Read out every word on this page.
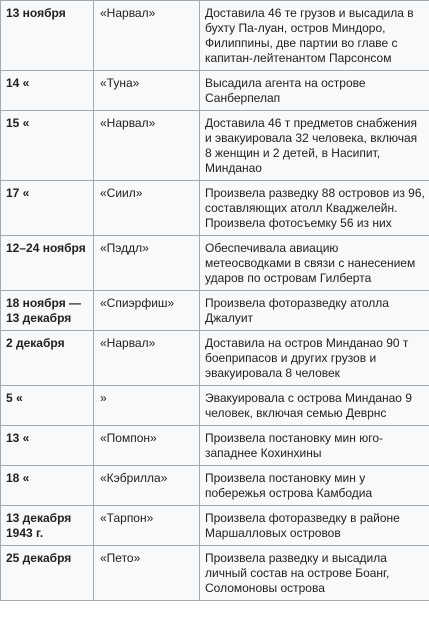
13 ноября	«Нарвал»	Доставила 46 те грузов и высадила в бухту Па-луан, остров Миндоро, Филиппины, две партии во главе с капитан-лейтенантом Парсонсом
14 «	«Туна»	Высадила агента на острове Санберпелап
15 «	«Нарвал»	Доставила 46 т предметов снабжения и эвакуировала 32 человека, включая 8 женщин и 2 детей, в Насипит, Минданао
17 «	«Сиил»	Произвела разведку 88 островов из 96, составляющих атолл Кваджелейн. Произвела фотосъемку 56 из них
12–24 ноября	«Пэддл»	Обеспечивала авиацию метеосводками в связи с нанесением ударов по островам Гилберта
18 ноября — 13 декабря	«Спиэрфиш»	Произвела фоторазведку атолла Джалуит
2 декабря	«Нарвал»	Доставила на остров Минданао 90 т боеприпасов и других грузов и эвакуировала 8 человек
5 «	»	Эвакуировала с острова Минданао 9 человек, включая семью Деврнс
13 «	«Помпон»	Произвела постановку мин юго-западнее Кохинхины
18 «	«Кэбрилла»	Произвела постановку мин у побережья острова Камбодиа
13 декабря 1943 г.	«Тарпон»	Произвела фоторазведку в районе Маршалловых островов
25 декабря	«Пето»	Произвела разведку и высадила личный состав на острове Боанг, Соломоновы острова
